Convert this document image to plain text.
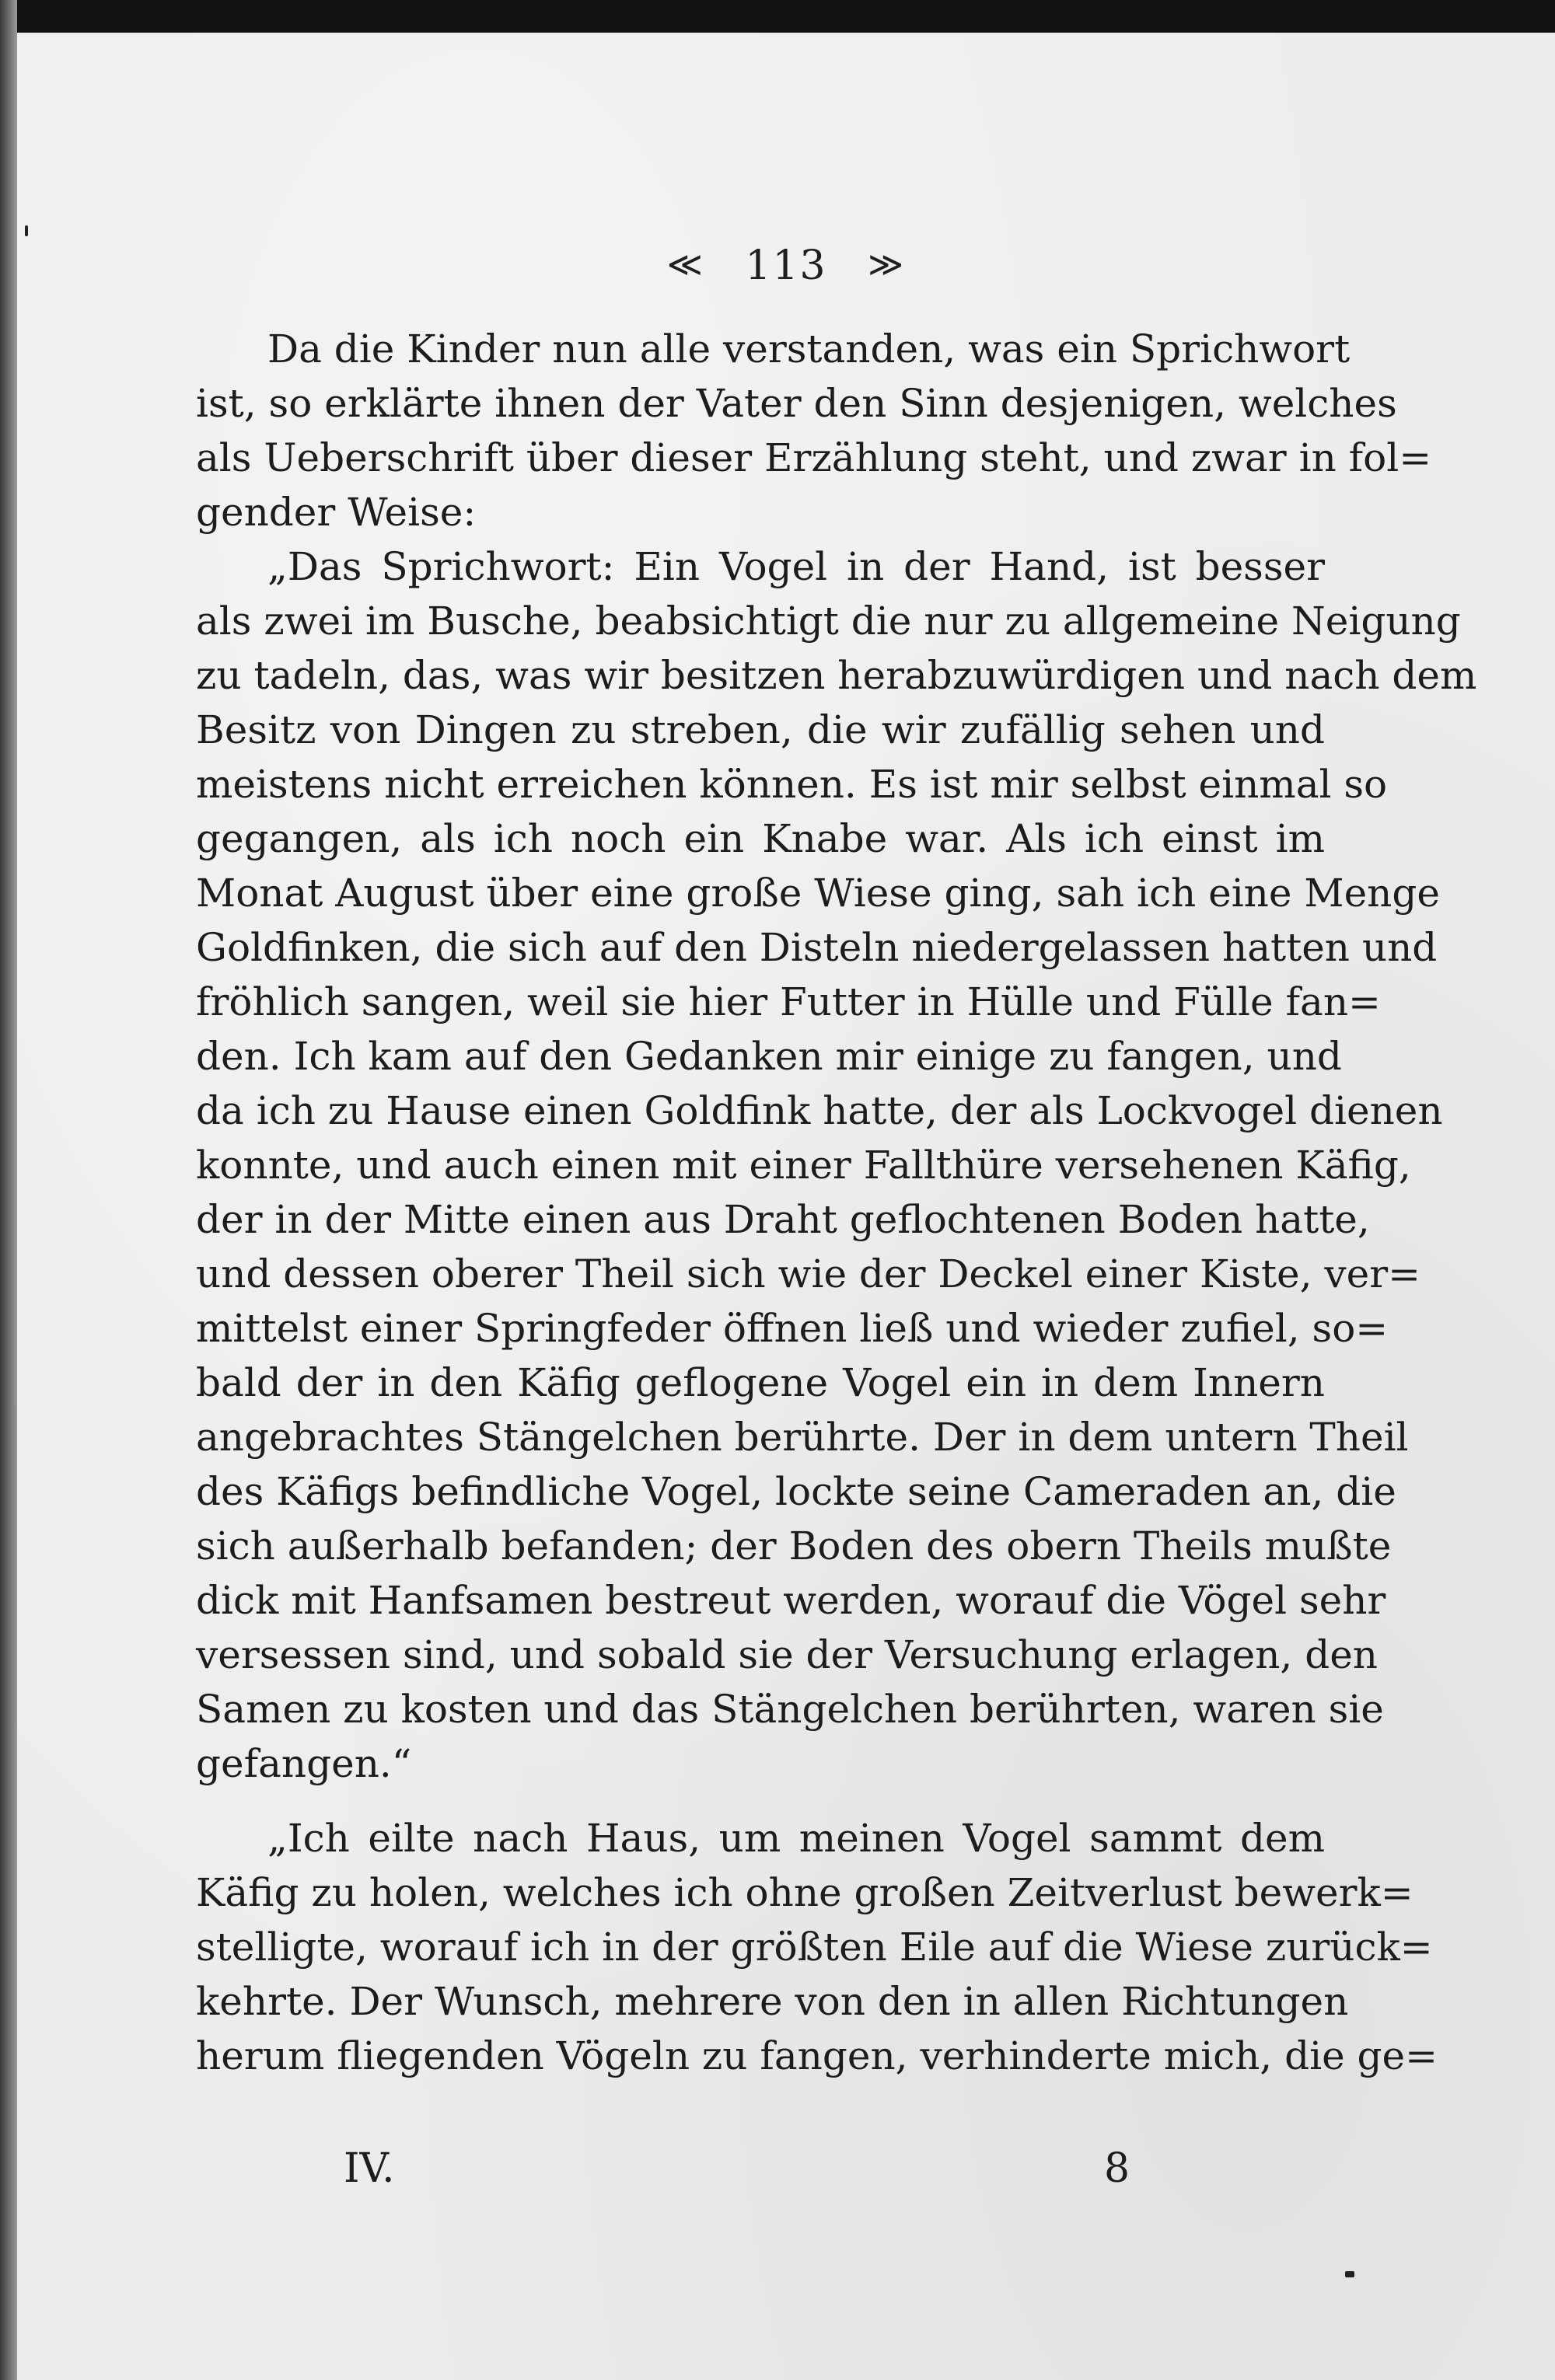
≪ 113 ≫
Da die Kinder nun alle verstanden, was ein Sprichwort
ist, so erklärte ihnen der Vater den Sinn desjenigen, welches
als Ueberschrift über dieser Erzählung steht, und zwar in fol=
gender Weise:
„Das Sprichwort: Ein Vogel in der Hand, ist besser
als zwei im Busche, beabsichtigt die nur zu allgemeine Neigung
zu tadeln, das, was wir besitzen herabzuwürdigen und nach dem
Besitz von Dingen zu streben, die wir zufällig sehen und
meistens nicht erreichen können. Es ist mir selbst einmal so
gegangen, als ich noch ein Knabe war. Als ich einst im
Monat August über eine große Wiese ging, sah ich eine Menge
Goldfinken, die sich auf den Disteln niedergelassen hatten und
fröhlich sangen, weil sie hier Futter in Hülle und Fülle fan=
den. Ich kam auf den Gedanken mir einige zu fangen, und
da ich zu Hause einen Goldfink hatte, der als Lockvogel dienen
konnte, und auch einen mit einer Fallthüre versehenen Käfig,
der in der Mitte einen aus Draht geflochtenen Boden hatte,
und dessen oberer Theil sich wie der Deckel einer Kiste, ver=
mittelst einer Springfeder öffnen ließ und wieder zufiel, so=
bald der in den Käfig geflogene Vogel ein in dem Innern
angebrachtes Stängelchen berührte. Der in dem untern Theil
des Käfigs befindliche Vogel, lockte seine Cameraden an, die
sich außerhalb befanden; der Boden des obern Theils mußte
dick mit Hanfsamen bestreut werden, worauf die Vögel sehr
versessen sind, und sobald sie der Versuchung erlagen, den
Samen zu kosten und das Stängelchen berührten, waren sie
gefangen.“
„Ich eilte nach Haus, um meinen Vogel sammt dem
Käfig zu holen, welches ich ohne großen Zeitverlust bewerk=
stelligte, worauf ich in der größten Eile auf die Wiese zurück=
kehrte. Der Wunsch, mehrere von den in allen Richtungen
herum fliegenden Vögeln zu fangen, verhinderte mich, die ge=
IV.	8
